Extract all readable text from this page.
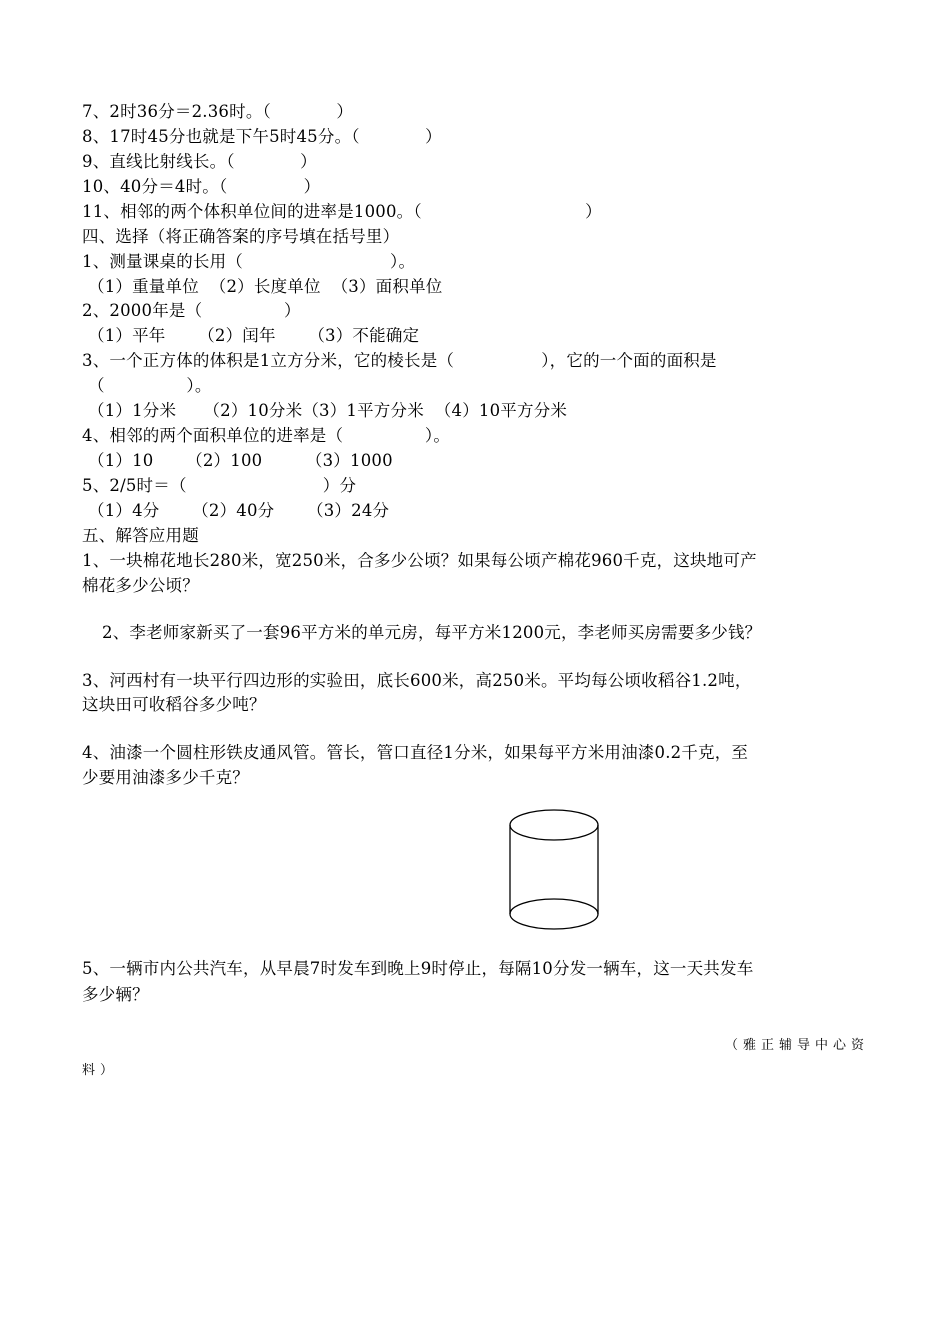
7、2时36分＝2.36时。（            ）
8、17时45分也就是下午5时45分。（            ）
9、直线比射线长。（            ）
10、40分＝4时。（              ）
11、相邻的两个体积单位间的进率是1000。（                              ）
四、选择（将正确答案的序号填在括号里）
1、测量课桌的长用（                           ）。
（1）重量单位  （2）长度单位  （3）面积单位
2、2000年是（               ）
（1）平年      （2）闰年      （3）不能确定
3、一个正方体的体积是1立方分米，它的棱长是（                ），它的一个面的面积是
（               ）。
（1）1分米     （2）10分米（3）1平方分米  （4）10平方分米
4、相邻的两个面积单位的进率是（               ）。
（1）10      （2）100        （3）1000
5、2/5时＝（                         ）分
（1）4分      （2）40分      （3）24分
五、解答应用题
1、一块棉花地长280米，宽250米，合多少公顷？如果每公顷产棉花960千克，这块地可产
棉花多少公顷？
2、李老师家新买了一套96平方米的单元房，每平方米1200元，李老师买房需要多少钱？
3、河西村有一块平行四边形的实验田，底长600米，高250米。平均每公顷收稻谷1.2吨，
这块田可收稻谷多少吨？
4、油漆一个圆柱形铁皮通风管。管长，管口直径1分米，如果每平方米用油漆0.2千克，至
少要用油漆多少千克？
5、一辆市内公共汽车，从早晨7时发车到晚上9时停止，每隔10分发一辆车，这一天共发车
多少辆？
（雅正辅导中心资
料）
